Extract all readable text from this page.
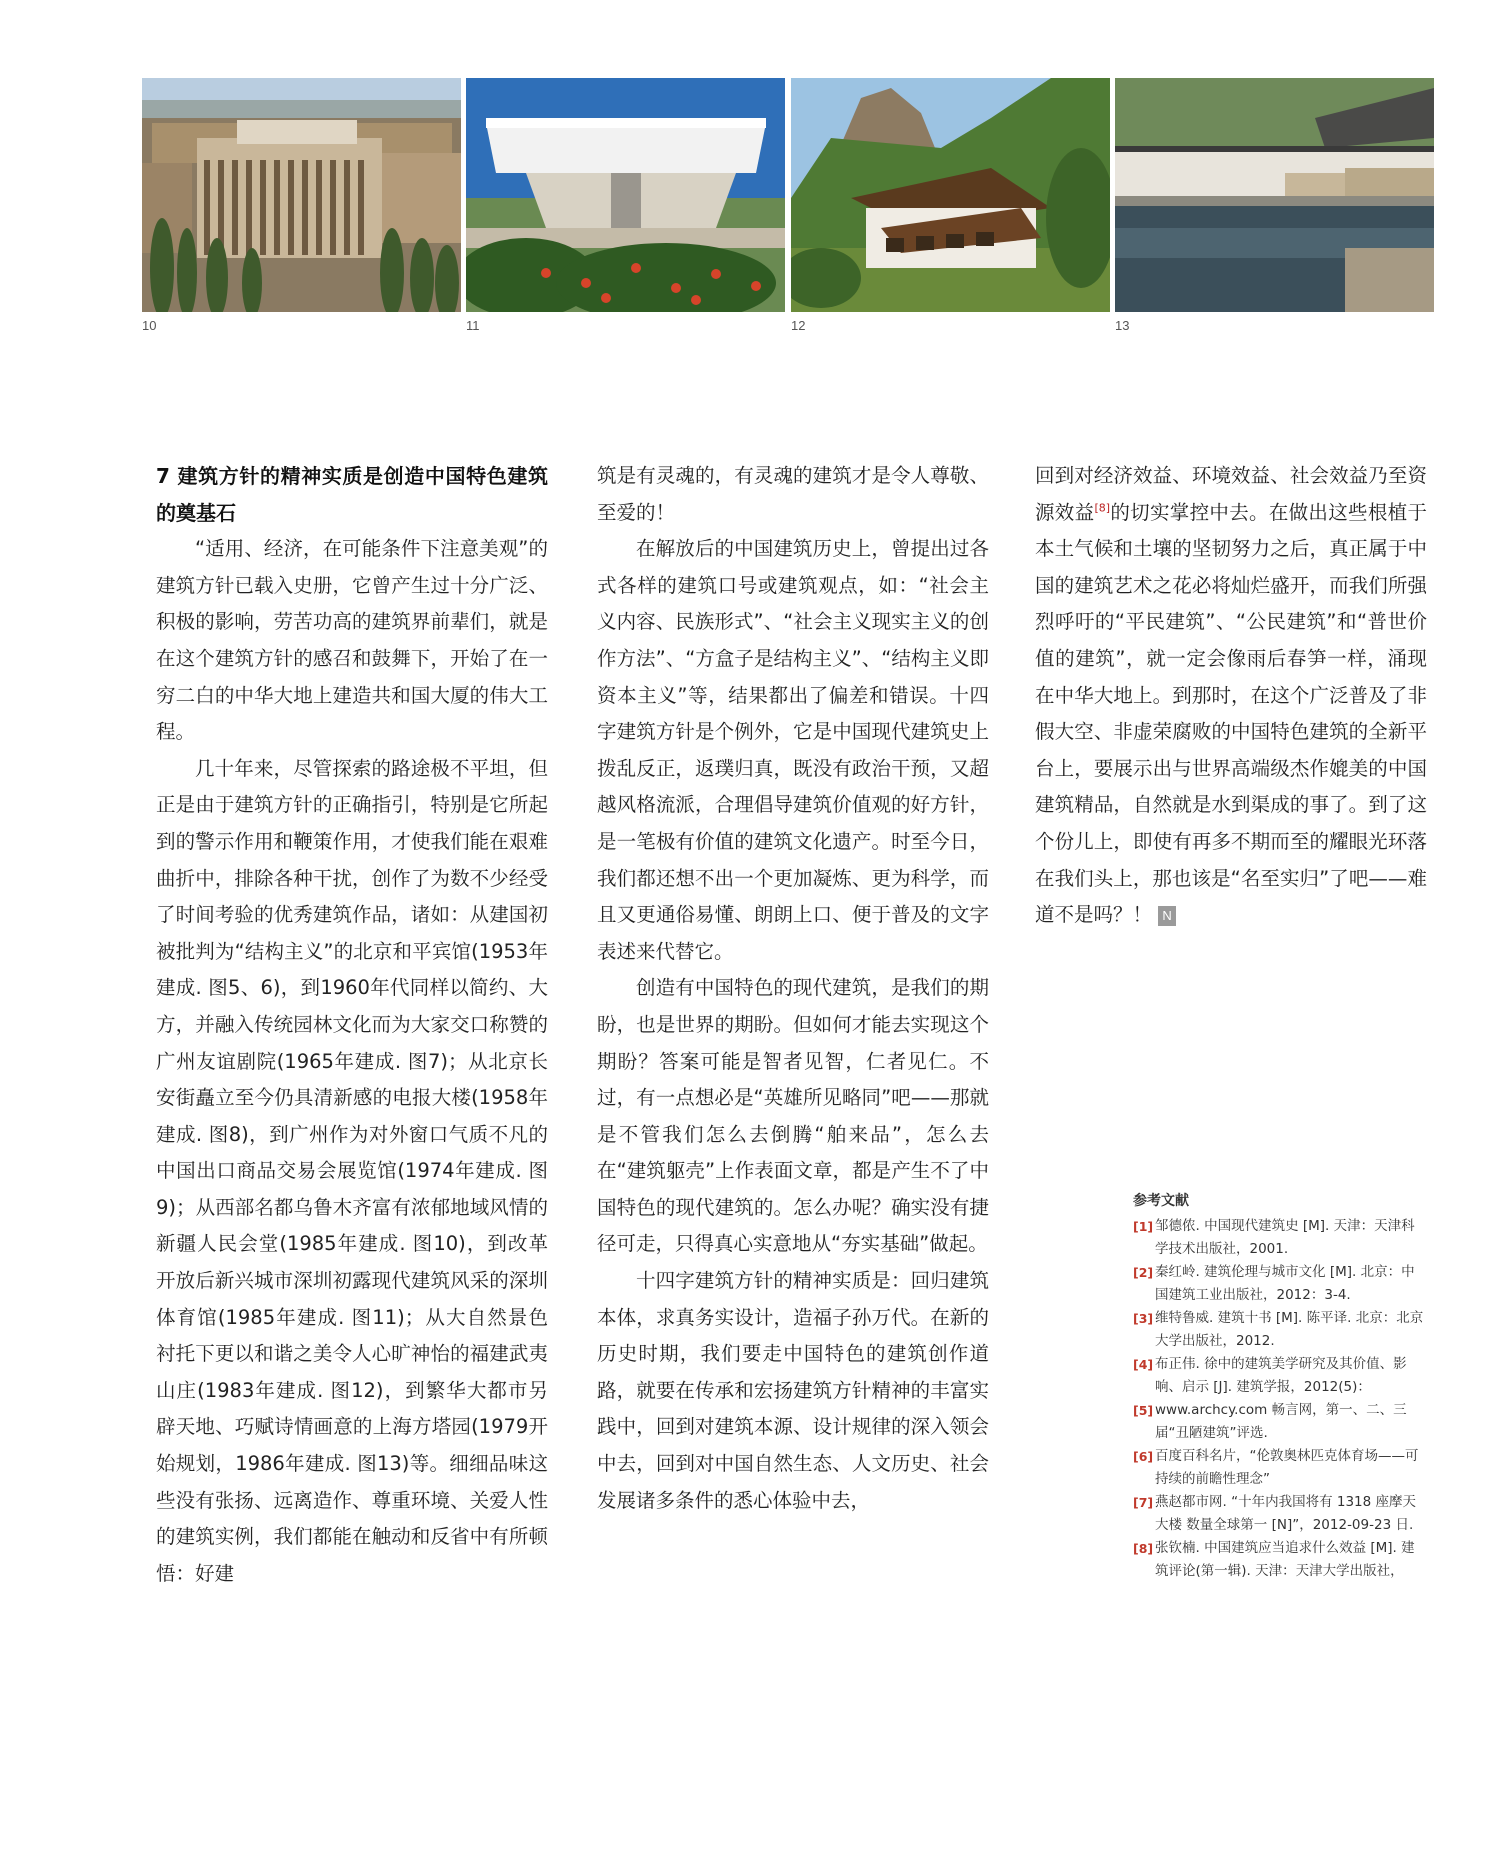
10	11	12	13

7 建筑方针的精神实质是创造中国特色建筑的奠基石

“适用、经济，在可能条件下注意美观”的建筑方针已载入史册，它曾产生过十分广泛、积极的影响，劳苦功高的建筑界前辈们，就是在这个建筑方针的感召和鼓舞下，开始了在一穷二白的中华大地上建造共和国大厦的伟大工程。

几十年来，尽管探索的路途极不平坦，但正是由于建筑方针的正确指引，特别是它所起到的警示作用和鞭策作用，才使我们能在艰难曲折中，排除各种干扰，创作了为数不少经受了时间考验的优秀建筑作品，诸如：从建国初被批判为“结构主义”的北京和平宾馆(1953年建成. 图5、6)，到1960年代同样以简约、大方，并融入传统园林文化而为大家交口称赞的广州友谊剧院(1965年建成. 图7)；从北京长安街矗立至今仍具清新感的电报大楼(1958年建成. 图8)，到广州作为对外窗口气质不凡的中国出口商品交易会展览馆(1974年建成. 图9)；从西部名都乌鲁木齐富有浓郁地域风情的新疆人民会堂(1985年建成. 图10)，到改革开放后新兴城市深圳初露现代建筑风采的深圳体育馆(1985年建成. 图11)；从大自然景色衬托下更以和谐之美令人心旷神怡的福建武夷山庄(1983年建成. 图12)，到繁华大都市另辟天地、巧赋诗情画意的上海方塔园(1979开始规划，1986年建成. 图13)等。细细品味这些没有张扬、远离造作、尊重环境、关爱人性的建筑实例，我们都能在触动和反省中有所顿悟：好建

筑是有灵魂的，有灵魂的建筑才是令人尊敬、至爱的！

在解放后的中国建筑历史上，曾提出过各式各样的建筑口号或建筑观点，如：“社会主义内容、民族形式”、“社会主义现实主义的创作方法”、“方盒子是结构主义”、“结构主义即资本主义”等，结果都出了偏差和错误。十四字建筑方针是个例外，它是中国现代建筑史上拨乱反正，返璞归真，既没有政治干预，又超越风格流派，合理倡导建筑价值观的好方针，是一笔极有价值的建筑文化遗产。时至今日，我们都还想不出一个更加凝炼、更为科学，而且又更通俗易懂、朗朗上口、便于普及的文字表述来代替它。

创造有中国特色的现代建筑，是我们的期盼，也是世界的期盼。但如何才能去实现这个期盼？答案可能是智者见智，仁者见仁。不过，有一点想必是“英雄所见略同”吧——那就是不管我们怎么去倒腾“舶来品”，怎么去在“建筑躯壳”上作表面文章，都是产生不了中国特色的现代建筑的。怎么办呢？确实没有捷径可走，只得真心实意地从“夯实基础”做起。

十四字建筑方针的精神实质是：回归建筑本体，求真务实设计，造福子孙万代。在新的历史时期，我们要走中国特色的建筑创作道路，就要在传承和宏扬建筑方针精神的丰富实践中，回到对建筑本源、设计规律的深入领会中去，回到对中国自然生态、人文历史、社会发展诸多条件的悉心体验中去，

回到对经济效益、环境效益、社会效益乃至资源效益[8]的切实掌控中去。在做出这些根植于本土气候和土壤的坚韧努力之后，真正属于中国的建筑艺术之花必将灿烂盛开，而我们所强烈呼吁的“平民建筑”、“公民建筑”和“普世价值的建筑”，就一定会像雨后春笋一样，涌现在中华大地上。到那时，在这个广泛普及了非假大空、非虚荣腐败的中国特色建筑的全新平台上，要展示出与世界高端级杰作媲美的中国建筑精品，自然就是水到渠成的事了。到了这个份儿上，即使有再多不期而至的耀眼光环落在我们头上，那也该是“名至实归”了吧——难道不是吗？！ N

参考文献
[1] 邹德侬. 中国现代建筑史 [M]. 天津：天津科学技术出版社，2001.
[2] 秦红岭. 建筑伦理与城市文化 [M]. 北京：中国建筑工业出版社，2012：3-4.
[3] 维特鲁威. 建筑十书 [M]. 陈平译. 北京：北京大学出版社，2012.
[4] 布正伟. 徐中的建筑美学研究及其价值、影响、启示 [J]. 建筑学报，2012(5)：
[5] www.archcy.com 畅言网，第一、二、三届“丑陋建筑”评选.
[6] 百度百科名片，“伦敦奥林匹克体育场——可持续的前瞻性理念”
[7] 燕赵都市网. “十年内我国将有 1318 座摩天大楼 数量全球第一 [N]”，2012-09-23 日.
[8] 张钦楠. 中国建筑应当追求什么效益 [M]. 建筑评论(第一辑). 天津：天津大学出版社，
